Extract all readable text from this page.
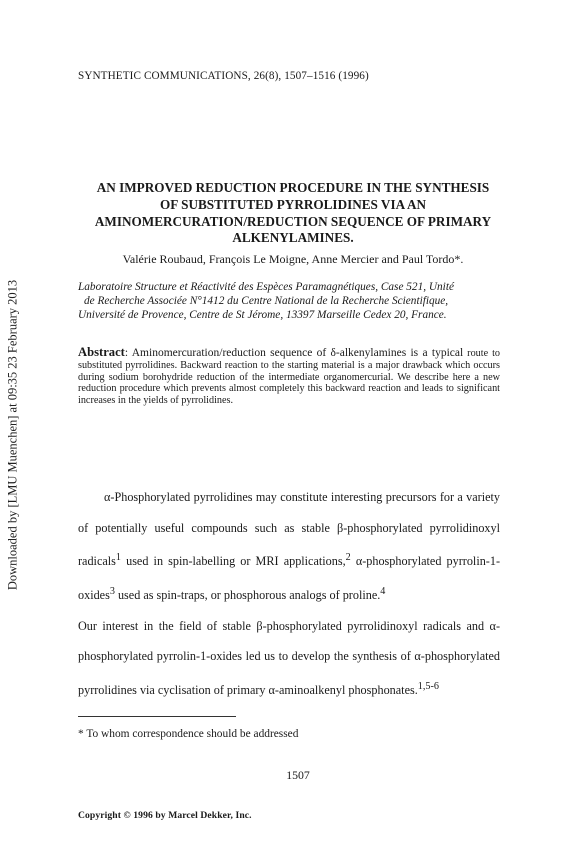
Downloaded by [LMU Muenchen] at 09:35 23 February 2013
SYNTHETIC COMMUNICATIONS, 26(8), 1507–1516 (1996)
AN IMPROVED REDUCTION PROCEDURE IN THE SYNTHESIS
OF SUBSTITUTED PYRROLIDINES VIA AN
AMINOMERCURATION/REDUCTION SEQUENCE OF PRIMARY
ALKENYLAMINES.
Valérie Roubaud, François Le Moigne, Anne Mercier and Paul Tordo*.
Laboratoire Structure et Réactivité des Espèces Paramagnétiques, Case 521, Unité
de Recherche Associée N°1412 du Centre National de la Recherche Scientifique,
Université de Provence, Centre de St Jérome, 13397 Marseille Cedex 20, France.
Abstract: Aminomercuration/reduction sequence of δ-alkenylamines is a typical route to substituted pyrrolidines. Backward reaction to the starting material is a major drawback which occurs during sodium borohydride reduction of the intermediate organomercurial. We describe here a new reduction procedure which prevents almost completely this backward reaction and leads to significant increases in the yields of pyrrolidines.

α-Phosphorylated pyrrolidines may constitute interesting precursors for a variety of potentially useful compounds such as stable β-phosphorylated pyrrolidinoxyl radicals$^1$ used in spin-labelling or MRI applications,$^2$ α-phosphorylated pyrrolin-1-oxides$^3$ used as spin-traps, or phosphorous analogs of proline.$^4$

Our interest in the field of stable β-phosphorylated pyrrolidinoxyl radicals and α-phosphorylated pyrrolin-1-oxides led us to develop the synthesis of α-phosphorylated pyrrolidines via cyclisation of primary α-aminoalkenyl phosphonates.$^{1,5-6}$

* To whom correspondence should be addressed
1507
Copyright © 1996 by Marcel Dekker, Inc.
